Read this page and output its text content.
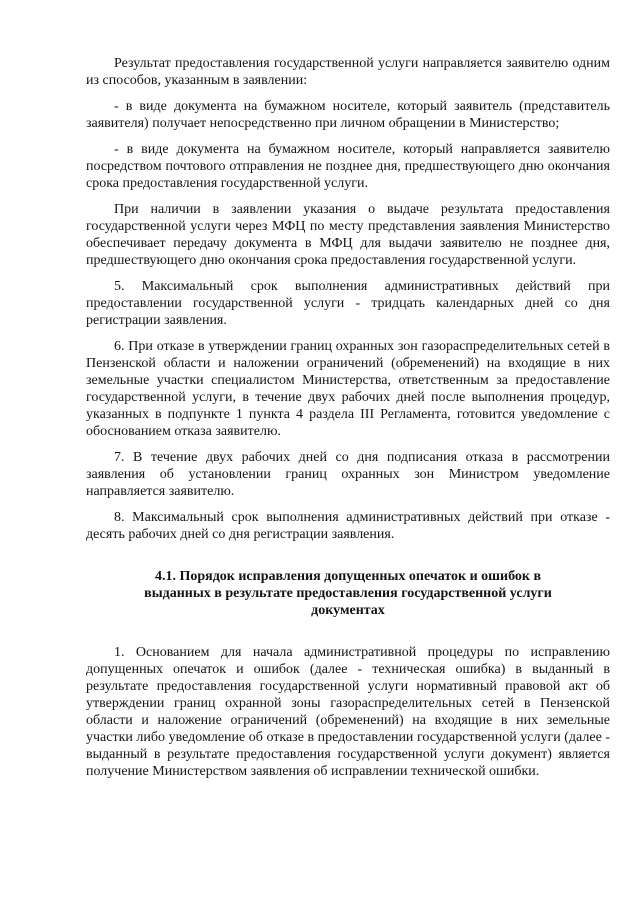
Результат предоставления государственной услуги направляется заявителю одним из способов, указанным в заявлении:

- в виде документа на бумажном носителе, который заявитель (представитель заявителя) получает непосредственно при личном обращении в Министерство;

- в виде документа на бумажном носителе, который направляется заявителю посредством почтового отправления не позднее дня, предшествующего дню окончания срока предоставления государственной услуги.

При наличии в заявлении указания о выдаче результата предоставления государственной услуги через МФЦ по месту представления заявления Министерство обеспечивает передачу документа в МФЦ для выдачи заявителю не позднее дня, предшествующего дню окончания срока предоставления государственной услуги.

5. Максимальный срок выполнения административных действий при предоставлении государственной услуги - тридцать календарных дней со дня регистрации заявления.

6. При отказе в утверждении границ охранных зон газораспределительных сетей в Пензенской области и наложении ограничений (обременений) на входящие в них земельные участки специалистом Министерства, ответственным за предоставление государственной услуги, в течение двух рабочих дней после выполнения процедур, указанных в подпункте 1 пункта 4 раздела III Регламента, готовится уведомление с обоснованием отказа заявителю.

7. В течение двух рабочих дней со дня подписания отказа в рассмотрении заявления об установлении границ охранных зон Министром уведомление направляется заявителю.

8. Максимальный срок выполнения административных действий при отказе - десять рабочих дней со дня регистрации заявления.

4.1. Порядок исправления допущенных опечаток и ошибок в выданных в результате предоставления государственной услуги документах

1. Основанием для начала административной процедуры по исправлению допущенных опечаток и ошибок (далее - техническая ошибка) в выданный в результате предоставления государственной услуги нормативный правовой акт об утверждении границ охранной зоны газораспределительных сетей в Пензенской области и наложение ограничений (обременений) на входящие в них земельные участки либо уведомление об отказе в предоставлении государственной услуги (далее - выданный в результате предоставления государственной услуги документ) является получение Министерством заявления об исправлении технической ошибки.
